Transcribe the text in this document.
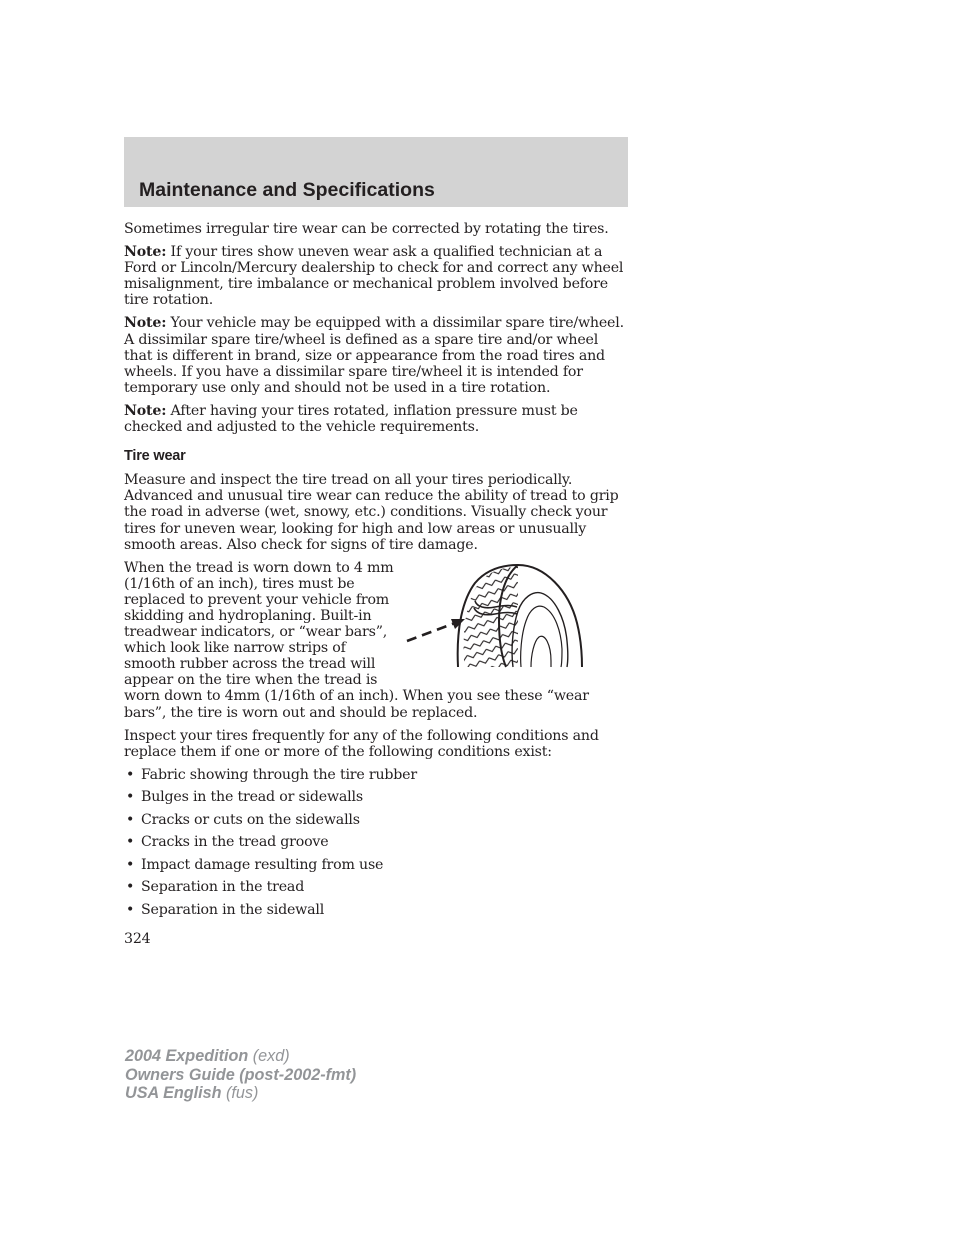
Maintenance and Specifications

Sometimes irregular tire wear can be corrected by rotating the tires.

Note: If your tires show uneven wear ask a qualified technician at a Ford or Lincoln/Mercury dealership to check for and correct any wheel misalignment, tire imbalance or mechanical problem involved before tire rotation.

Note: Your vehicle may be equipped with a dissimilar spare tire/wheel. A dissimilar spare tire/wheel is defined as a spare tire and/or wheel that is different in brand, size or appearance from the road tires and wheels. If you have a dissimilar spare tire/wheel it is intended for temporary use only and should not be used in a tire rotation.

Note: After having your tires rotated, inflation pressure must be checked and adjusted to the vehicle requirements.

Tire wear

Measure and inspect the tire tread on all your tires periodically. Advanced and unusual tire wear can reduce the ability of tread to grip the road in adverse (wet, snowy, etc.) conditions. Visually check your tires for uneven wear, looking for high and low areas or unusually smooth areas. Also check for signs of tire damage.

When the tread is worn down to 4 mm (1/16th of an inch), tires must be replaced to prevent your vehicle from skidding and hydroplaning. Built-in treadwear indicators, or “wear bars”, which look like narrow strips of smooth rubber across the tread will appear on the tire when the tread is worn down to 4mm (1/16th of an inch). When you see these “wear bars”, the tire is worn out and should be replaced.

Inspect your tires frequently for any of the following conditions and replace them if one or more of the following conditions exist:

• Fabric showing through the tire rubber
• Bulges in the tread or sidewalls
• Cracks or cuts on the sidewalls
• Cracks in the tread groove
• Impact damage resulting from use
• Separation in the tread
• Separation in the sidewall
324
2004 Expedition (exd)
Owners Guide (post-2002-fmt)
USA English (fus)
